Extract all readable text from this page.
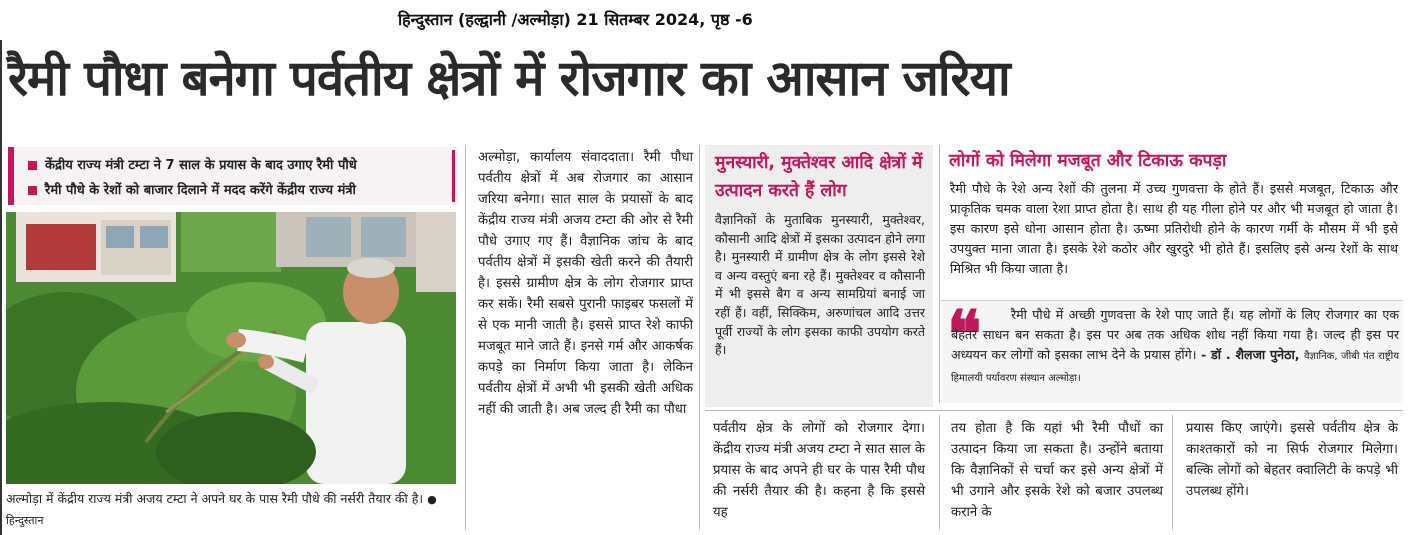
हिन्दुस्तान (हल्द्वानी /अल्मोड़ा) 21 सितम्बर 2024, पृष्ठ -6
रैमी पौधा बनेगा पर्वतीय क्षेत्रों में रोजगार का आसान जरिया
केंद्रीय राज्य मंत्री टम्टा ने 7 साल के प्रयास के बाद उगाए रैमी पौधे
रैमी पौधे के रेशों को बाजार दिलाने में मदद करेंगे केंद्रीय राज्य मंत्री
अल्मोड़ा में केंद्रीय राज्य मंत्री अजय टम्टा ने अपने घर के पास रैमी पौधे की नर्सरी तैयार की है। ● हिन्दुस्तान
अल्मोड़ा, कार्यालय संवाददाता। रैमी पौधा पर्वतीय क्षेत्रों में अब रोजगार का आसान जरिया बनेगा। सात साल के प्रयासों के बाद केंद्रीय राज्य मंत्री अजय टम्टा की ओर से रैमी पौधे उगाए गए हैं। वैज्ञानिक जांच के बाद पर्वतीय क्षेत्रों में इसकी खेती करने की तैयारी है। इससे ग्रामीण क्षेत्र के लोग रोजगार प्राप्त कर सकें। रैमी सबसे पुरानी फाइबर फसलों में से एक मानी जाती है। इससे प्राप्त रेशे काफी मजबूत माने जाते हैं। इनसे गर्म और आकर्षक कपड़े का निर्माण किया जाता है। लेकिन पर्वतीय क्षेत्रों में अभी भी इसकी खेती अधिक नहीं की जाती है। अब जल्द ही रैमी का पौधा
मुनस्यारी, मुक्तेश्वर आदि क्षेत्रों में उत्पादन करते हैं लोग
वैज्ञानिकों के मुताबिक मुनस्यारी, मुक्तेश्वर, कौसानी आदि क्षेत्रों में इसका उत्पादन होने लगा है। मुनस्यारी में ग्रामीण क्षेत्र के लोग इससे रेशे व अन्य वस्तुएं बना रहे हैं। मुक्तेश्वर व कौसानी में भी इससे बैग व अन्य सामग्रियां बनाई जा रहीं हैं। वहीं, सिक्किम, अरुणांचल आदि उत्तर पूर्वी राज्यों के लोग इसका काफी उपयोग करते हैं।
लोगों को मिलेगा मजबूत और टिकाऊ कपड़ा
रैमी पौधे के रेशे अन्य रेशों की तुलना में उच्च गुणवत्ता के होते हैं। इससे मजबूत, टिकाऊ और प्राकृतिक चमक वाला रेशा प्राप्त होता है। साथ ही यह गीला होने पर और भी मजबूत हो जाता है। इस कारण इसे धोना आसान होता है। ऊष्मा प्रतिरोधी होने के कारण गर्मी के मौसम में भी इसे उपयुक्त माना जाता है। इसके रेशे कठोर और खुरदुरे भी होते हैं। इसलिए इसे अन्य रेशों के साथ मिश्रित भी किया जाता है।
❝	रैमी पौधे में अच्छी गुणवत्ता के रेशे पाए जाते हैं। यह लोगों के लिए रोजगार का एक बेहतर साधन बन सकता है। इस पर अब तक अधिक शोध नहीं किया गया है। जल्द ही इस पर अध्ययन कर लोगों को इसका लाभ देने के प्रयास होंगे। - डॉ . शैलजा पुनेठा, वैज्ञानिक, जीबी पंत राष्ट्रीय हिमालयी पर्यावरण संस्थान अल्मोड़ा।
पर्वतीय क्षेत्र के लोगों को रोजगार देगा। केंद्रीय राज्य मंत्री अजय टम्टा ने सात साल के प्रयास के बाद अपने ही घर के पास रैमी पौध की नर्सरी तैयार की है। कहना है कि इससे यह
तय होता है कि यहां भी रैमी पौधों का उत्पादन किया जा सकता है। उन्होंने बताया कि वैज्ञानिकों से चर्चा कर इसे अन्य क्षेत्रों में भी उगाने और इसके रेशे को बजार उपलब्ध कराने के
प्रयास किए जाएंगे। इससे पर्वतीय क्षेत्र के काश्तकारों को ना सिर्फ रोजगार मिलेगा। बल्कि लोगों को बेहतर क्वालिटी के कपड़े भी उपलब्ध होंगे।
